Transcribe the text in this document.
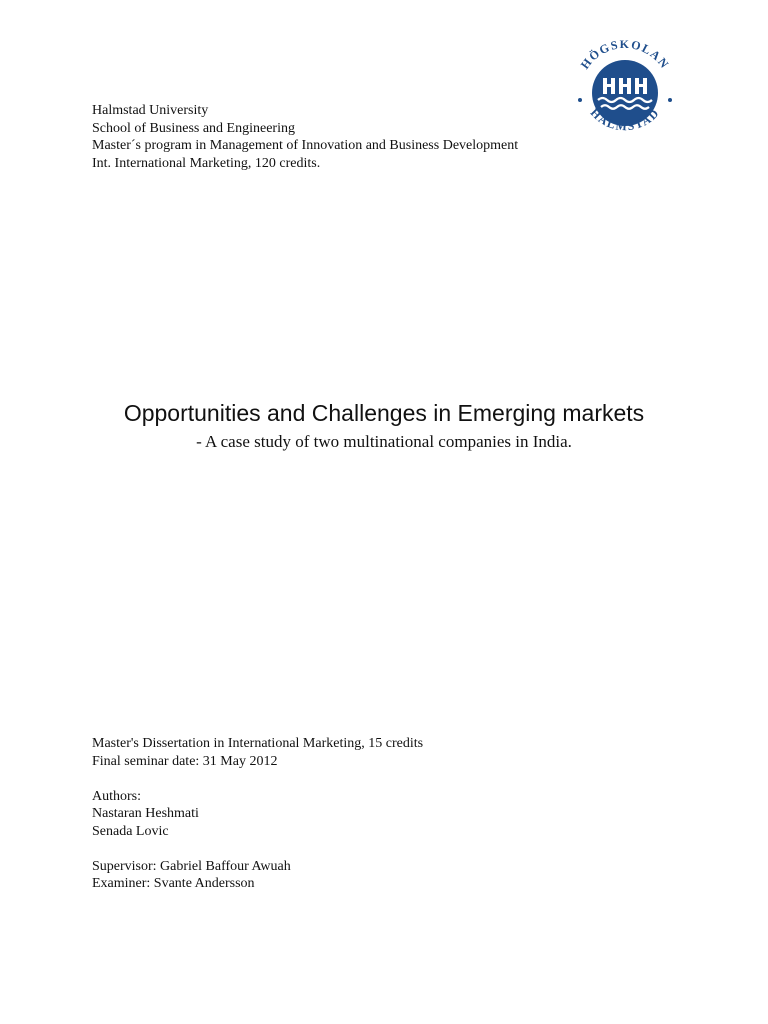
Halmstad University
School of Business and Engineering
Master´s program in Management of Innovation and Business Development
Int. International Marketing, 120 credits.
HÖGSKOLAN
HALMSTAD
Opportunities and Challenges in Emerging markets
- A case study of two multinational companies in India.
Master's Dissertation in International Marketing, 15 credits
Final seminar date: 31 May 2012
Authors:
Nastaran Heshmati
Senada Lovic
Supervisor: Gabriel Baffour Awuah
Examiner: Svante Andersson
